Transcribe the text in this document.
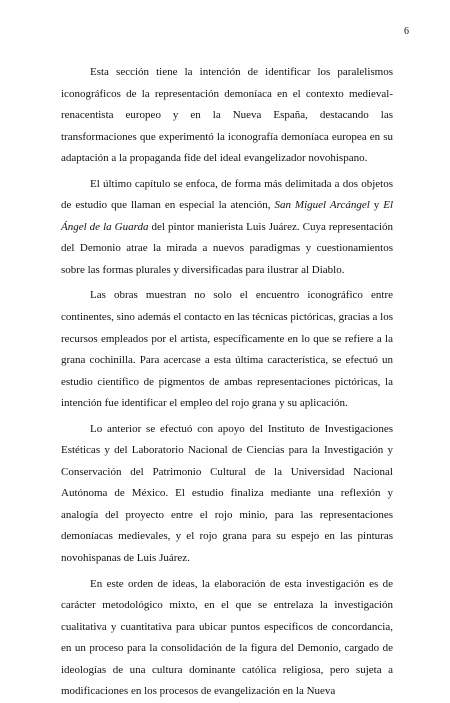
6

Esta sección tiene la intención de identificar los paralelismos iconográficos de la representación demoníaca en el contexto medieval-renacentista europeo y en la Nueva España, destacando las transformaciones que experimentó la iconografía demoníaca europea en su adaptación a la propaganda fide del ideal evangelizador novohispano.

El último capítulo se enfoca, de forma más delimitada a dos objetos de estudio que llaman en especial la atención, San Miguel Arcángel y El Ángel de la Guarda del pintor manierista Luis Juárez. Cuya representación del Demonio atrae la mirada a nuevos paradigmas y cuestionamientos sobre las formas plurales y diversificadas para ilustrar al Diablo.

Las obras muestran no solo el encuentro iconográfico entre continentes, sino además el contacto en las técnicas pictóricas, gracias a los recursos empleados por el artista, específicamente en lo que se refiere a la grana cochinilla. Para acercase a esta última característica, se efectuó un estudio científico de pigmentos de ambas representaciones pictóricas, la intención fue identificar el empleo del rojo grana y su aplicación.

Lo anterior se efectuó con apoyo del Instituto de Investigaciones Estéticas y del Laboratorio Nacional de Ciencias para la Investigación y Conservación del Patrimonio Cultural de la Universidad Nacional Autónoma de México. El estudio finaliza mediante una reflexión y analogía del proyecto entre el rojo minio, para las representaciones demoníacas medievales, y el rojo grana para su espejo en las pinturas novohispanas de Luis Juárez.

En este orden de ideas, la elaboración de esta investigación es de carácter metodológico mixto, en el que se entrelaza la investigación cualitativa y cuantitativa para ubicar puntos específicos de concordancia, en un proceso para la consolidación de la figura del Demonio, cargado de ideologías de una cultura dominante católica religiosa, pero sujeta a modificaciones en los procesos de evangelización en la Nueva
